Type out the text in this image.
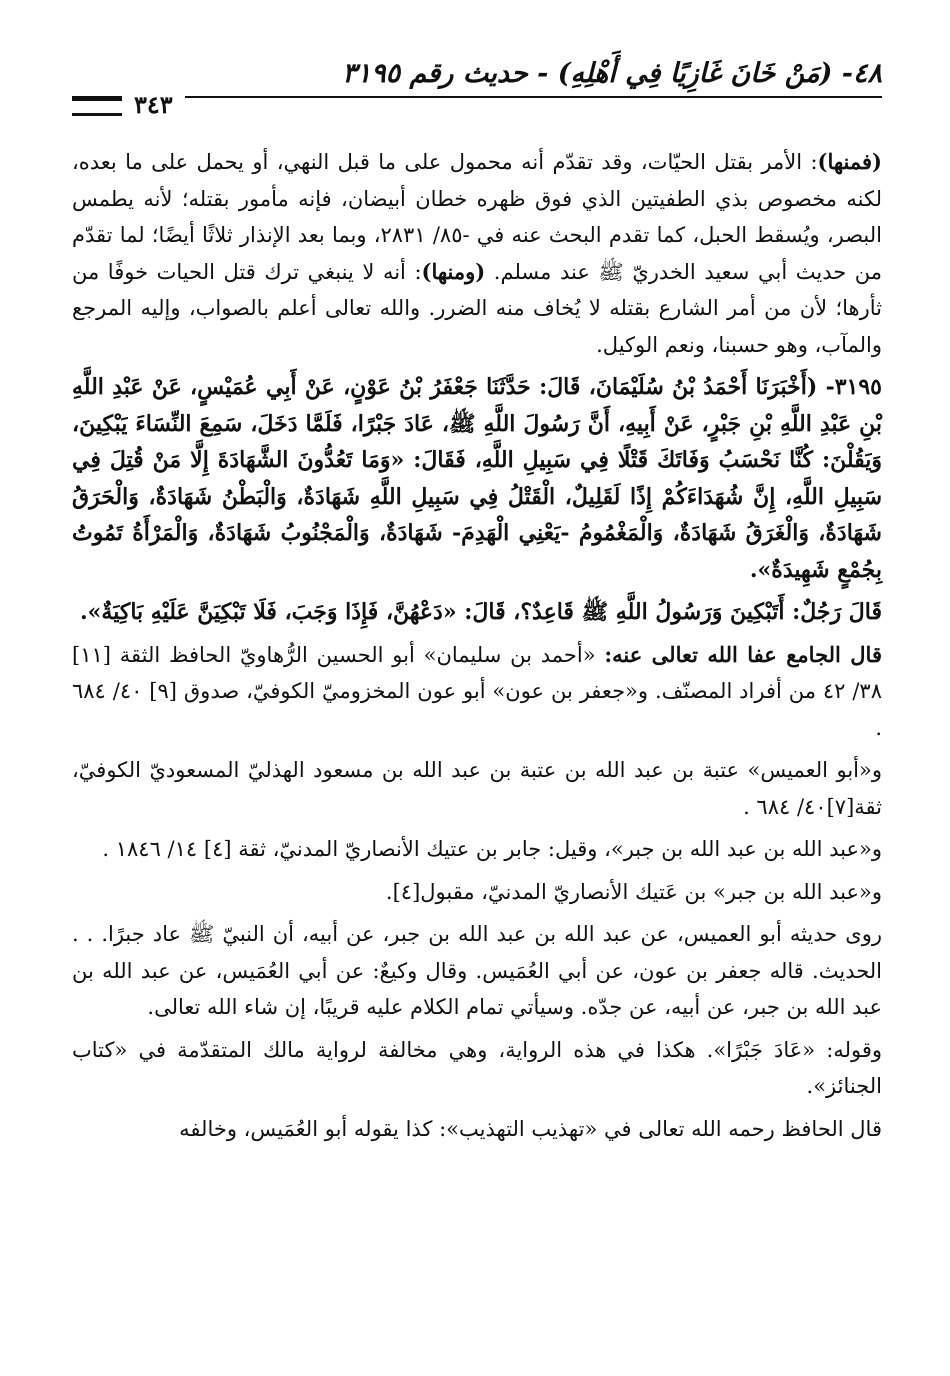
٤٨- (مَنْ خَانَ غَازِيًا فِي أَهْلِهِ) - حديث رقم ٣١٩٥
٣٤٣

(فمنها): الأمر بقتل الحيّات، وقد تقدّم أنه محمول على ما قبل النهي، أو يحمل على ما بعده، لكنه مخصوص بذي الطفيتين الذي فوق ظهره خطان أبيضان، فإنه مأمور بقتله؛ لأنه يطمس البصر، ويُسقط الحبل، كما تقدم البحث عنه في -٨٥/ ٢٨٣١، وبما بعد الإنذار ثلاثًا أيضًا؛ لما تقدّم من حديث أبي سعيد الخدريّ ﷺ عند مسلم. (ومنها): أنه لا ينبغي ترك قتل الحيات خوفًا من ثأرها؛ لأن من أمر الشارع بقتله لا يُخاف منه الضرر. والله تعالى أعلم بالصواب، وإليه المرجع والمآب، وهو حسبنا، ونعم الوكيل.

٣١٩٥- (أَخْبَرَنَا أَحْمَدُ بْنُ سُلَيْمَانَ، قَالَ: حَدَّثَنَا جَعْفَرُ بْنُ عَوْنٍ، عَنْ أَبِي عُمَيْسٍ، عَنْ عَبْدِ اللَّهِ بْنِ عَبْدِ اللَّهِ بْنِ جَبْرٍ، عَنْ أَبِيهِ، أَنَّ رَسُولَ اللَّهِ ﷺ، عَادَ جَبْرًا، فَلَمَّا دَخَلَ، سَمِعَ النِّسَاءَ يَبْكِينَ، وَيَقُلْنَ: كُنَّا نَحْسَبُ وَفَاتَكَ قَتْلًا فِي سَبِيلِ اللَّهِ، فَقَالَ: «وَمَا تَعُدُّونَ الشَّهَادَةَ إِلَّا مَنْ قُتِلَ فِي سَبِيلِ اللَّهِ، إِنَّ شُهَدَاءَكُمْ إِذًا لَقَلِيلٌ، الْقَتْلُ فِي سَبِيلِ اللَّهِ شَهَادَةٌ، وَالْبَطْنُ شَهَادَةٌ، وَالْحَرَقُ شَهَادَةٌ، وَالْغَرَقُ شَهَادَةٌ، وَالْمَغْمُومُ -يَعْنِي الْهَدِمَ- شَهَادَةٌ، وَالْمَجْنُوبُ شَهَادَةٌ، وَالْمَرْأَةُ تَمُوتُ بِجُمْعٍ شَهِيدَةٌ».

قَالَ رَجُلٌ: أَتَبْكِينَ وَرَسُولُ اللَّهِ ﷺ قَاعِدٌ؟، قَالَ: «دَعْهُنَّ، فَإِذَا وَجَبَ، فَلَا تَبْكِيَنَّ عَلَيْهِ بَاكِيَةٌ».

قال الجامع عفا الله تعالى عنه: «أحمد بن سليمان» أبو الحسين الرُّهاويّ الحافظ الثقة [١١] ٣٨/ ٤٢ من أفراد المصنّف. و«جعفر بن عون» أبو عون المخزوميّ الكوفيّ، صدوق [٩] ٤٠/ ٦٨٤ .

و«أبو العميس» عتبة بن عبد الله بن عتبة بن عبد الله بن مسعود الهذليّ المسعوديّ الكوفيّ، ثقة[٧]٤٠/ ٦٨٤ .

و«عبد الله بن عبد الله بن جبر»، وقيل: جابر بن عتيك الأنصاريّ المدنيّ، ثقة [٤] ١٤/ ١٨٤٦ .

و«عبد الله بن جبر» بن عَتيك الأنصاريّ المدنيّ، مقبول[٤].

روى حديثه أبو العميس، عن عبد الله بن عبد الله بن جبر، عن أبيه، أن النبيّ ﷺ عاد جبرًا. . . الحديث. قاله جعفر بن عون، عن أبي العُمَيس. وقال وكيعٌ: عن أبي العُمَيس، عن عبد الله بن عبد الله بن جبر، عن أبيه، عن جدّه. وسيأتي تمام الكلام عليه قريبًا، إن شاء الله تعالى.

وقوله: «عَادَ جَبْرًا». هكذا في هذه الرواية، وهي مخالفة لرواية مالك المتقدّمة في «كتاب الجنائز».

قال الحافظ رحمه الله تعالى في «تهذيب التهذيب»: كذا يقوله أبو العُمَيس، وخالفه
